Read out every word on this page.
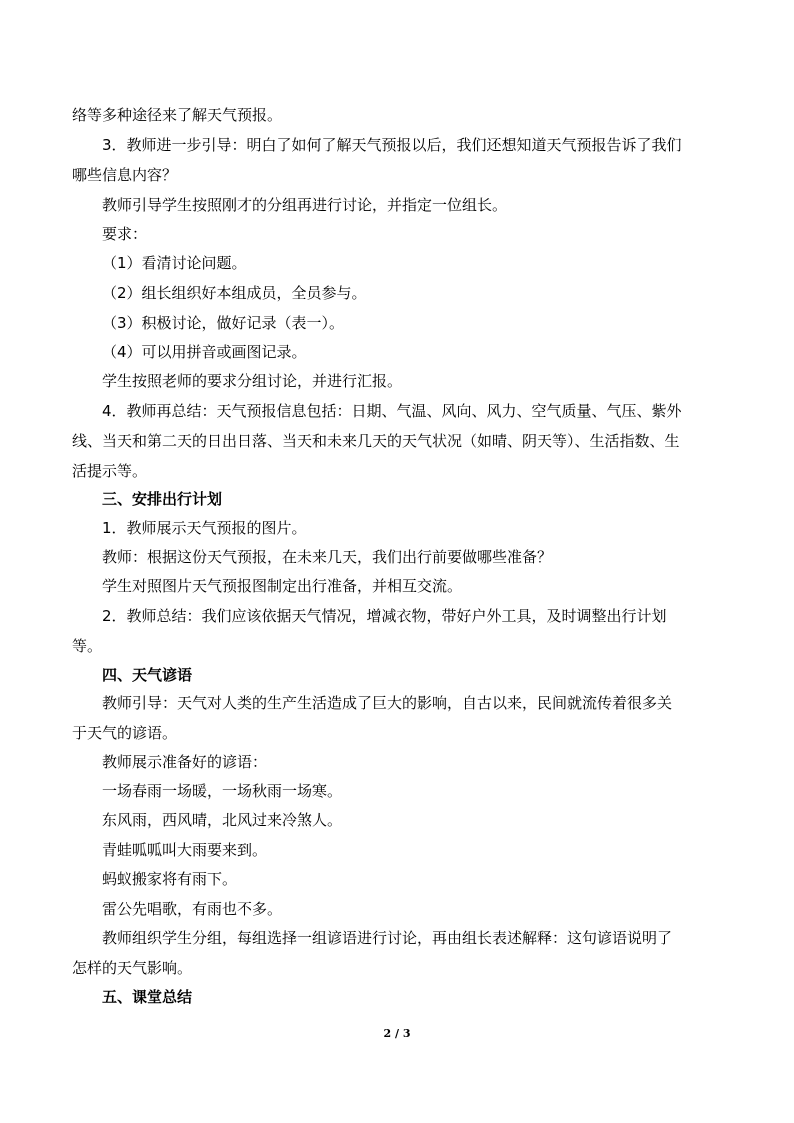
络等多种途径来了解天气预报。
3．教师进一步引导：明白了如何了解天气预报以后，我们还想知道天气预报告诉了我们
哪些信息内容？
教师引导学生按照刚才的分组再进行讨论，并指定一位组长。
要求：
（1）看清讨论问题。
（2）组长组织好本组成员，全员参与。
（3）积极讨论，做好记录（表一）。
（4）可以用拼音或画图记录。
学生按照老师的要求分组讨论，并进行汇报。
4．教师再总结：天气预报信息包括：日期、气温、风向、风力、空气质量、气压、紫外
线、当天和第二天的日出日落、当天和未来几天的天气状况（如晴、阴天等）、生活指数、生
活提示等。
三、安排出行计划
1．教师展示天气预报的图片。
教师：根据这份天气预报，在未来几天，我们出行前要做哪些准备？
学生对照图片天气预报图制定出行准备，并相互交流。
2．教师总结：我们应该依据天气情况，增减衣物，带好户外工具，及时调整出行计划
等。
四、天气谚语
教师引导：天气对人类的生产生活造成了巨大的影响，自古以来，民间就流传着很多关
于天气的谚语。
教师展示准备好的谚语：
一场春雨一场暖，一场秋雨一场寒。
东风雨，西风晴，北风过来冷煞人。
青蛙呱呱叫大雨要来到。
蚂蚁搬家将有雨下。
雷公先唱歌，有雨也不多。
教师组织学生分组，每组选择一组谚语进行讨论，再由组长表述解释：这句谚语说明了
怎样的天气影响。
五、课堂总结
2 / 3
